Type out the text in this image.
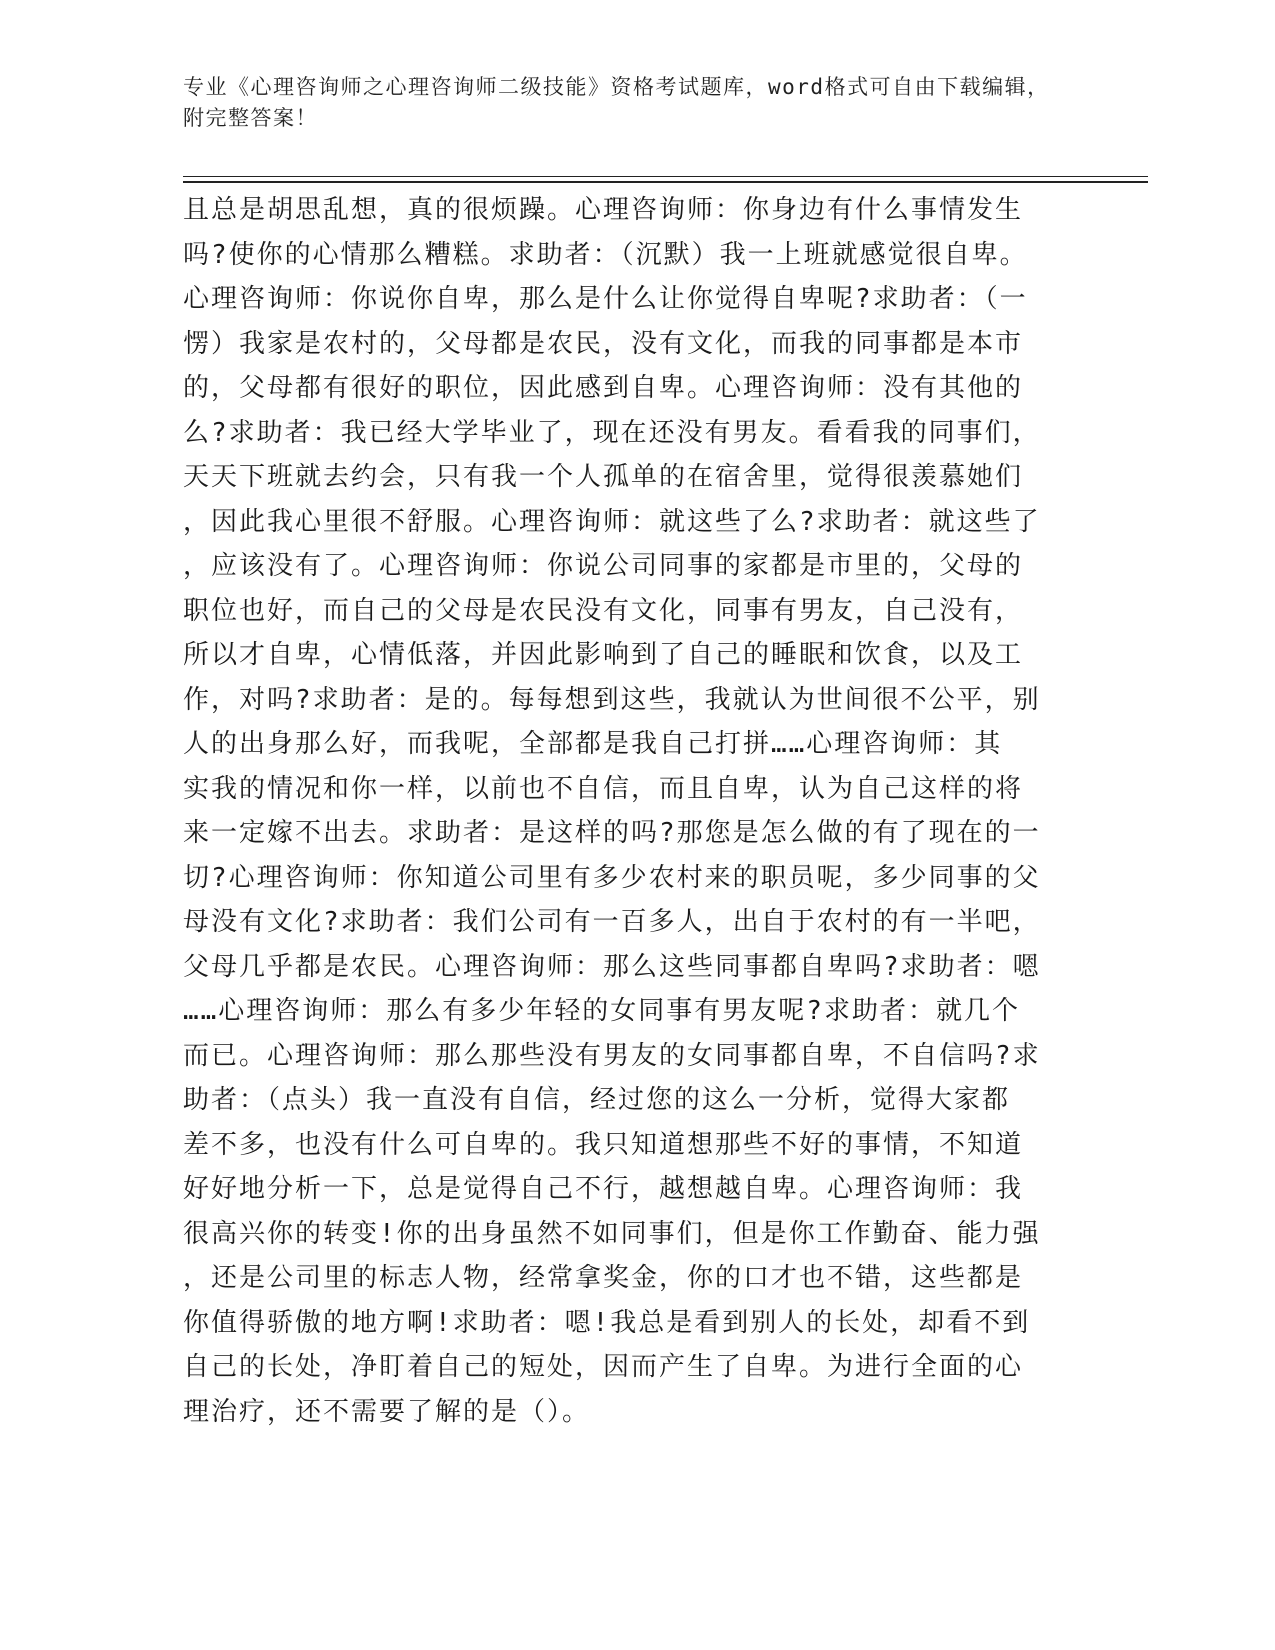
专业《心理咨询师之心理咨询师二级技能》资格考试题库，word格式可自由下载编辑，附完整答案！
且总是胡思乱想，真的很烦躁。心理咨询师：你身边有什么事情发生
吗?使你的心情那么糟糕。求助者：（沉默）我一上班就感觉很自卑。
心理咨询师：你说你自卑，那么是什么让你觉得自卑呢?求助者：（一
愣）我家是农村的，父母都是农民，没有文化，而我的同事都是本市
的，父母都有很好的职位，因此感到自卑。心理咨询师：没有其他的
么?求助者：我已经大学毕业了，现在还没有男友。看看我的同事们，
天天下班就去约会，只有我一个人孤单的在宿舍里，觉得很羡慕她们
，因此我心里很不舒服。心理咨询师：就这些了么?求助者：就这些了
，应该没有了。心理咨询师：你说公司同事的家都是市里的，父母的
职位也好，而自己的父母是农民没有文化，同事有男友，自己没有，
所以才自卑，心情低落，并因此影响到了自己的睡眠和饮食，以及工
作，对吗?求助者：是的。每每想到这些，我就认为世间很不公平，别
人的出身那么好，而我呢，全部都是我自己打拼……心理咨询师：其
实我的情况和你一样，以前也不自信，而且自卑，认为自己这样的将
来一定嫁不出去。求助者：是这样的吗?那您是怎么做的有了现在的一
切?心理咨询师：你知道公司里有多少农村来的职员呢，多少同事的父
母没有文化?求助者：我们公司有一百多人，出自于农村的有一半吧，
父母几乎都是农民。心理咨询师：那么这些同事都自卑吗?求助者：嗯
……心理咨询师：那么有多少年轻的女同事有男友呢?求助者：就几个
而已。心理咨询师：那么那些没有男友的女同事都自卑，不自信吗?求
助者：（点头）我一直没有自信，经过您的这么一分析，觉得大家都
差不多，也没有什么可自卑的。我只知道想那些不好的事情，不知道
好好地分析一下，总是觉得自己不行，越想越自卑。心理咨询师：我
很高兴你的转变!你的出身虽然不如同事们，但是你工作勤奋、能力强
，还是公司里的标志人物，经常拿奖金，你的口才也不错，这些都是
你值得骄傲的地方啊!求助者：嗯!我总是看到别人的长处，却看不到
自己的长处，净盯着自己的短处，因而产生了自卑。为进行全面的心
理治疗，还不需要了解的是（）。
